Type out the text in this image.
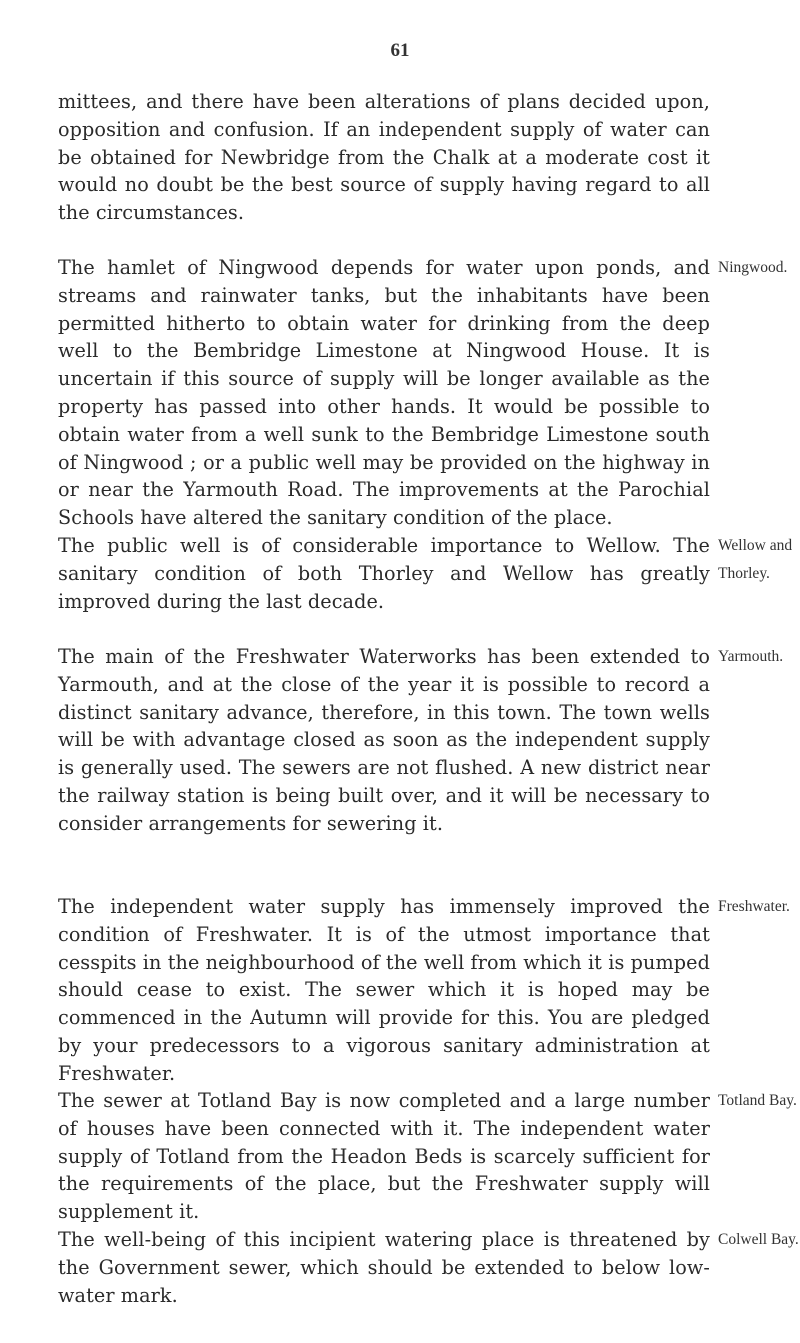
61

mittees, and there have been alterations of plans decided upon, opposition and confusion. If an independent supply of water can be obtained for Newbridge from the Chalk at a moderate cost it would no doubt be the best source of supply having regard to all the circumstances.

The hamlet of Ningwood depends for water upon ponds, and streams and rainwater tanks, but the inhabitants have been permitted hitherto to obtain water for drinking from the deep well to the Bembridge Limestone at Ningwood House. It is uncertain if this source of supply will be longer available as the property has passed into other hands. It would be possible to obtain water from a well sunk to the Bembridge Limestone south of Ningwood ; or a public well may be provided on the highway in or near the Yarmouth Road. The improvements at the Parochial Schools have altered the sanitary condition of the place.

Ningwood.

The public well is of considerable importance to Wellow. The sanitary condition of both Thorley and Wellow has greatly improved during the last decade.

Wellow and
Thorley.

The main of the Freshwater Waterworks has been extended to Yarmouth, and at the close of the year it is possible to record a distinct sanitary advance, therefore, in this town. The town wells will be with advantage closed as soon as the independent supply is generally used. The sewers are not flushed. A new district near the railway station is being built over, and it will be necessary to consider arrangements for sewering it.

Yarmouth.

The independent water supply has immensely improved the condition of Freshwater. It is of the utmost importance that cesspits in the neighbourhood of the well from which it is pumped should cease to exist. The sewer which it is hoped may be commenced in the Autumn will provide for this. You are pledged by your predecessors to a vigorous sanitary administration at Freshwater.

Freshwater.

The sewer at Totland Bay is now completed and a large number of houses have been connected with it. The independent water supply of Totland from the Headon Beds is scarcely sufficient for the requirements of the place, but the Freshwater supply will supplement it.

Totland Bay.

The well-being of this incipient watering place is threatened by the Government sewer, which should be extended to below low-water mark.

Colwell Bay.
